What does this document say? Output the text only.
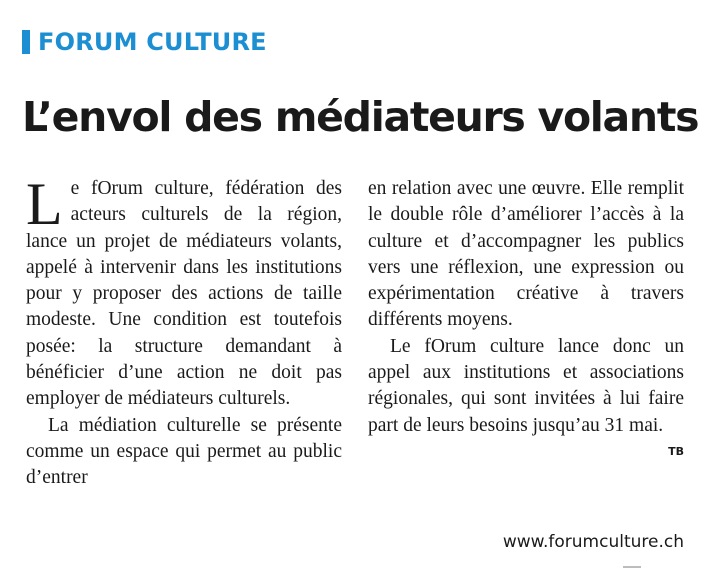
FORUM CULTURE
L’envol des médiateurs volants

Le fOrum culture, fédération des acteurs culturels de la région, lance un projet de médiateurs volants, appelé à intervenir dans les institutions pour y proposer des actions de taille modeste. Une condition est toutefois posée: la structure demandant à bénéficier d’une action ne doit pas employer de médiateurs culturels.

La médiation culturelle se présente comme un espace qui permet au public d’entrer

en relation avec une œuvre. Elle remplit le double rôle d’améliorer l’accès à la culture et d’accompagner les publics vers une réflexion, une expression ou expérimentation créative à travers différents moyens.

Le fOrum culture lance donc un appel aux institutions et associations régionales, qui sont invitées à lui faire part de leurs besoins jusqu’au 31 mai.
TB

www.forumculture.ch
